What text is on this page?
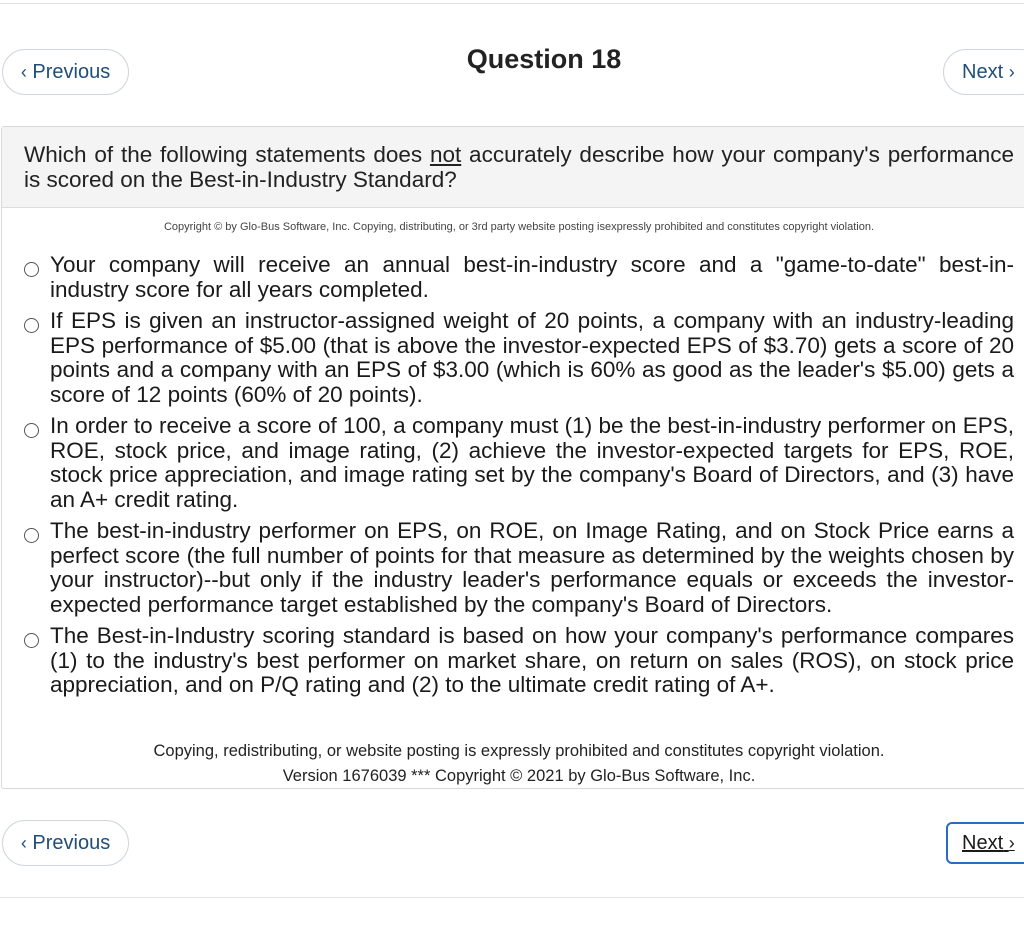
‹
Previous	Question 18	Next
›
Which of the following statements does not accurately describe how your company's performance is scored on the Best-in-Industry Standard?
Copyright © by Glo-Bus Software, Inc. Copying, distributing, or 3rd party website posting isexpressly prohibited and constitutes copyright violation.
Your company will receive an annual best-in-industry score and a "game-to-date" best-in-industry score for all years completed.
If EPS is given an instructor-assigned weight of 20 points, a company with an industry-leading EPS performance of $5.00 (that is above the investor-expected EPS of $3.70) gets a score of 20 points and a company with an EPS of $3.00 (which is 60% as good as the leader's $5.00) gets a score of 12 points (60% of 20 points).
In order to receive a score of 100, a company must (1) be the best-in-industry performer on EPS, ROE, stock price, and image rating, (2) achieve the investor-expected targets for EPS, ROE, stock price appreciation, and image rating set by the company's Board of Directors, and (3) have an A+ credit rating.
The best-in-industry performer on EPS, on ROE, on Image Rating, and on Stock Price earns a perfect score (the full number of points for that measure as determined by the weights chosen by your instructor)--but only if the industry leader's performance equals or exceeds the investor-expected performance target established by the company's Board of Directors.
The Best-in-Industry scoring standard is based on how your company's performance compares (1) to the industry's best performer on market share, on return on sales (ROS), on stock price appreciation, and on P/Q rating and (2) to the ultimate credit rating of A+.
Copying, redistributing, or website posting is expressly prohibited and constitutes copyright violation.
Version 1676039 *** Copyright © 2021 by Glo-Bus Software, Inc.
‹
Previous	Next
›
